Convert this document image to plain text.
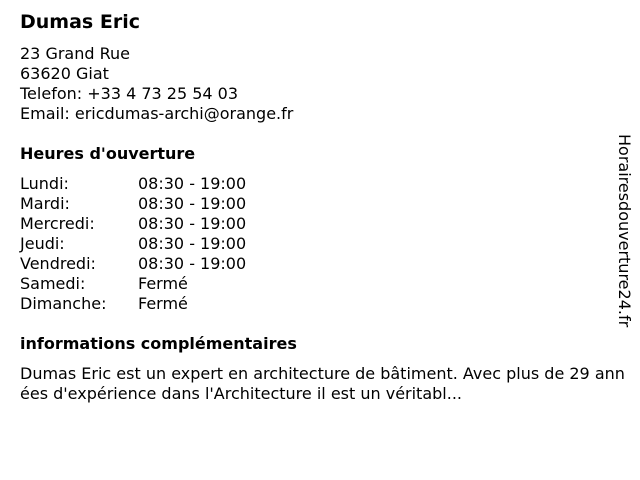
Dumas Eric
23 Grand Rue
63620 Giat
Telefon: +33 4 73 25 54 03
Email: ericdumas-archi@orange.fr
Heures d'ouverture
Lundi:	08:30 - 19:00
Mardi:	08:30 - 19:00
Mercredi:	08:30 - 19:00
Jeudi:	08:30 - 19:00
Vendredi:	08:30 - 19:00
Samedi:	Fermé
Dimanche: Fermé
informations complémentaires
Dumas Eric est un expert en architecture de bâtiment. Avec plus de 29 années d'expérience dans l'Architecture il est un véritabl...
Horairesdouverture24.fr
